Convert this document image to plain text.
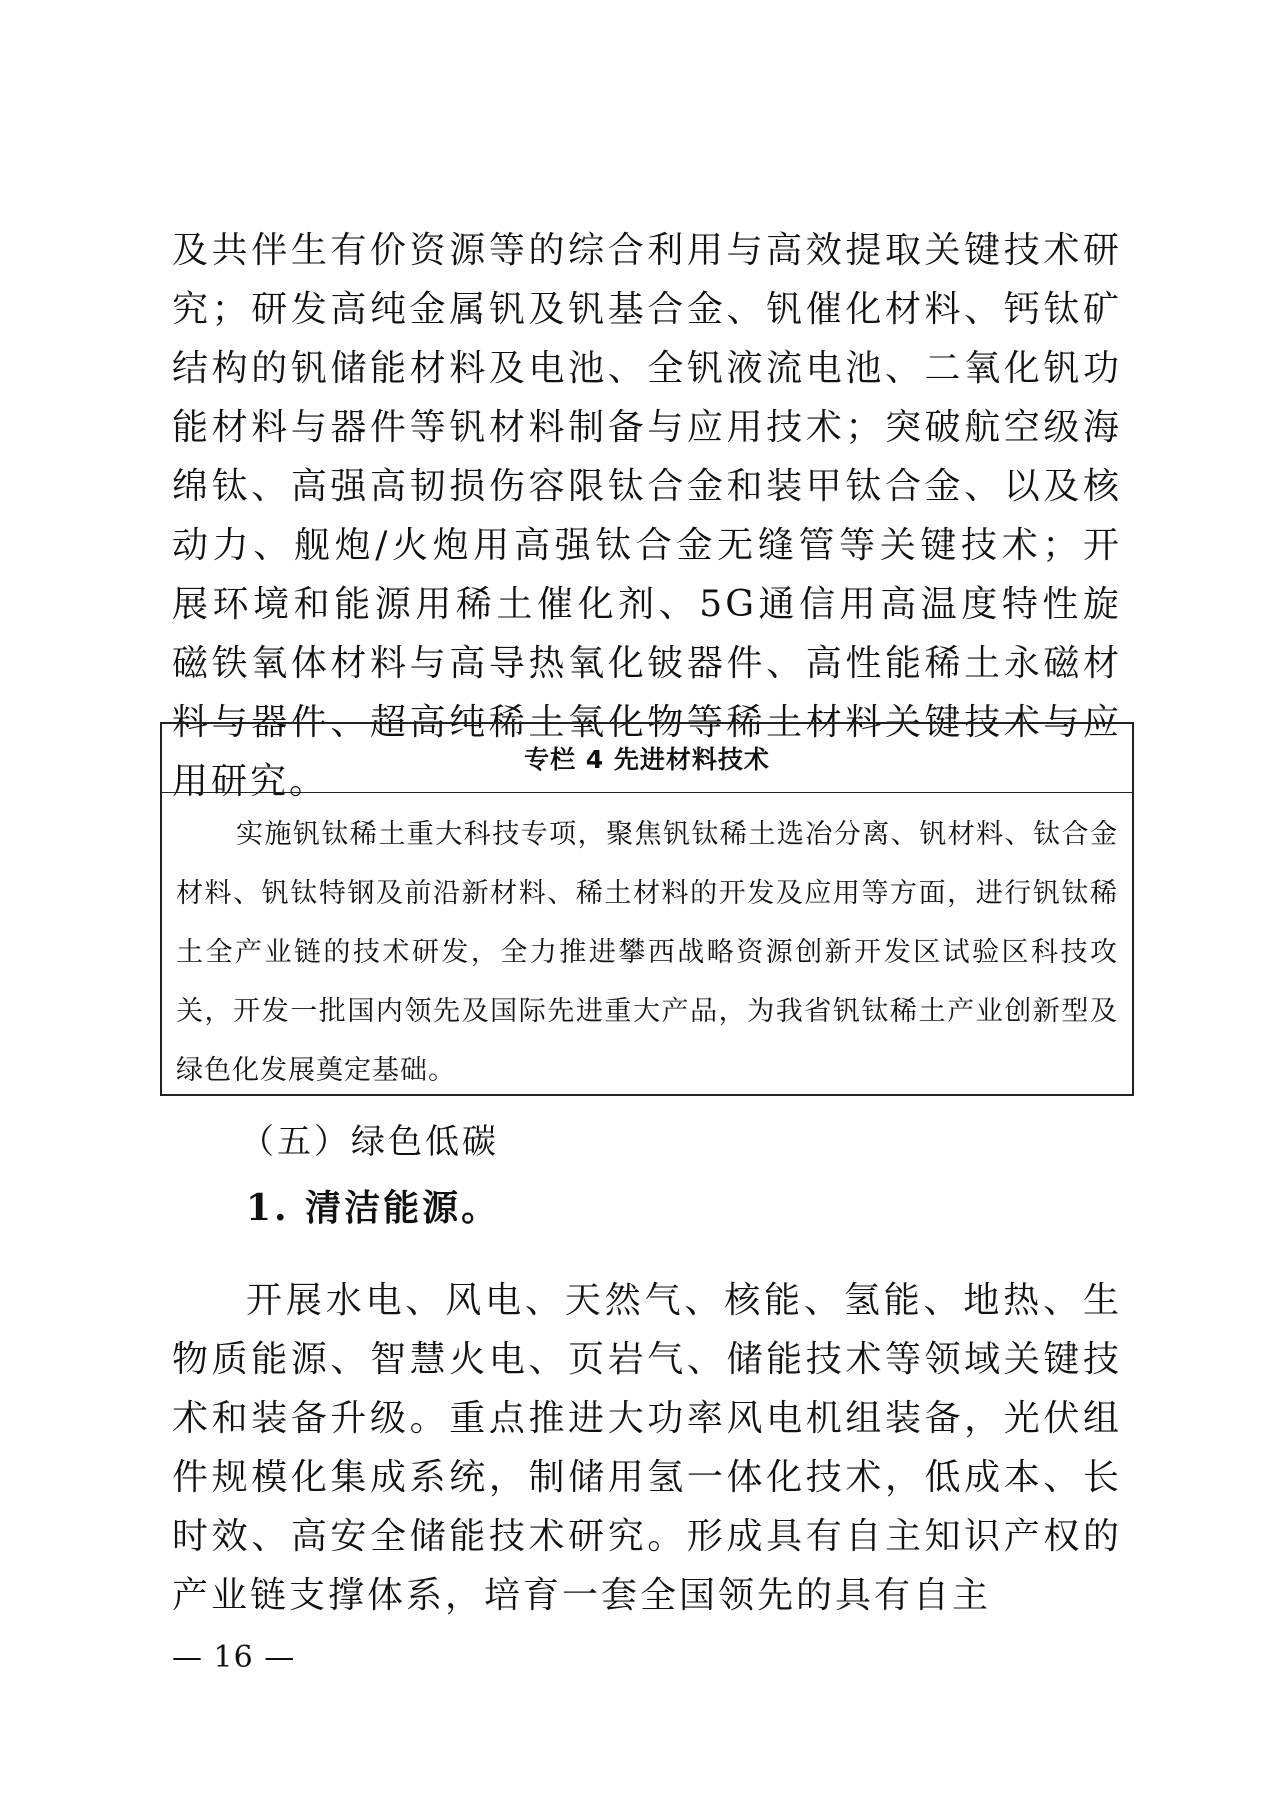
及共伴生有价资源等的综合利用与高效提取关键技术研究；研发高纯金属钒及钒基合金、钒催化材料、钙钛矿结构的钒储能材料及电池、全钒液流电池、二氧化钒功能材料与器件等钒材料制备与应用技术；突破航空级海绵钛、高强高韧损伤容限钛合金和装甲钛合金、以及核动力、舰炮/火炮用高强钛合金无缝管等关键技术；开展环境和能源用稀土催化剂、5G通信用高温度特性旋磁铁氧体材料与高导热氧化铍器件、高性能稀土永磁材料与器件、超高纯稀土氧化物等稀土材料关键技术与应用研究。

专栏 4 先进材料技术
实施钒钛稀土重大科技专项，聚焦钒钛稀土选冶分离、钒材料、钛合金材料、钒钛特钢及前沿新材料、稀土材料的开发及应用等方面，进行钒钛稀土全产业链的技术研发，全力推进攀西战略资源创新开发区试验区科技攻关，开发一批国内领先及国际先进重大产品，为我省钒钛稀土产业创新型及绿色化发展奠定基础。

（五）绿色低碳

1. 清洁能源。

开展水电、风电、天然气、核能、氢能、地热、生物质能源、智慧火电、页岩气、储能技术等领域关键技术和装备升级。重点推进大功率风电机组装备，光伏组件规模化集成系统，制储用氢一体化技术，低成本、长时效、高安全储能技术研究。形成具有自主知识产权的产业链支撑体系，培育一套全国领先的具有自主

— 16 —
